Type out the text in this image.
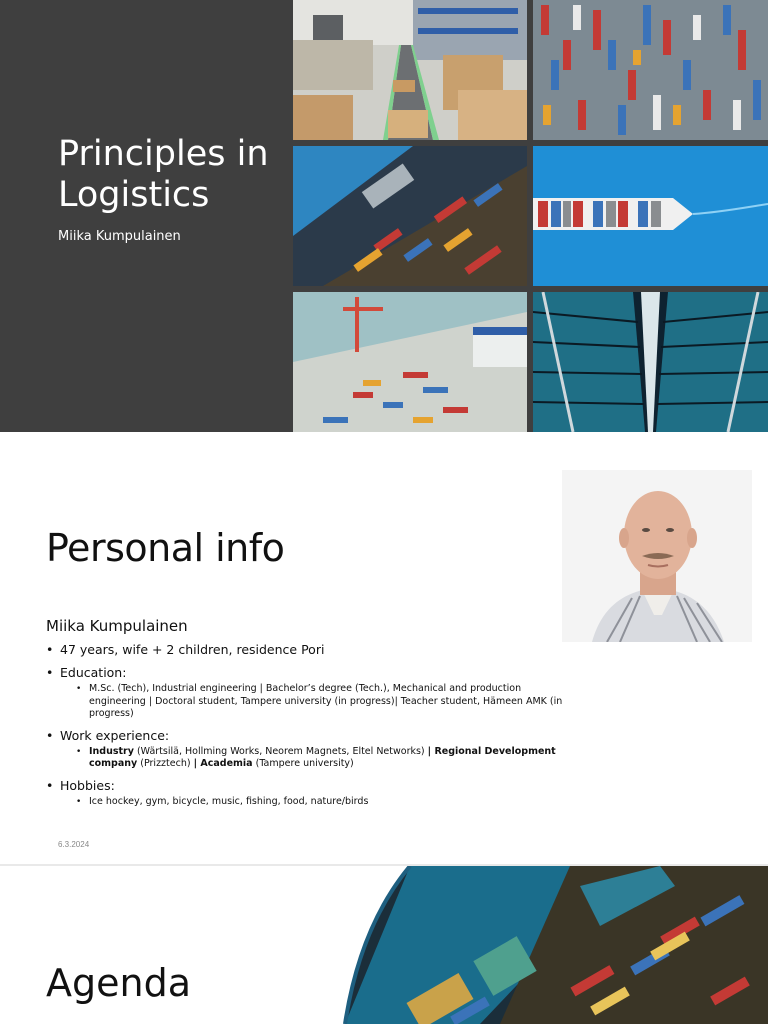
Principles in
Logistics
Miika Kumpulainen
Personal info
Miika Kumpulainen
• 47 years, wife + 2 children, residence Pori
• Education:
• M.Sc. (Tech), Industrial engineering | Bachelor’s degree (Tech.), Mechanical and production engineering | Doctoral student, Tampere university (in progress)| Teacher student, Hämeen AMK (in progress)
• Work experience:
• Industry (Wärtsilä, Hollming Works, Neorem Magnets, Eltel Networks) | Regional Development company (Prizztech) | Academia (Tampere university)
• Hobbies:
• Ice hockey, gym, bicycle, music, fishing, food, nature/birds
6.3.2024
Agenda
